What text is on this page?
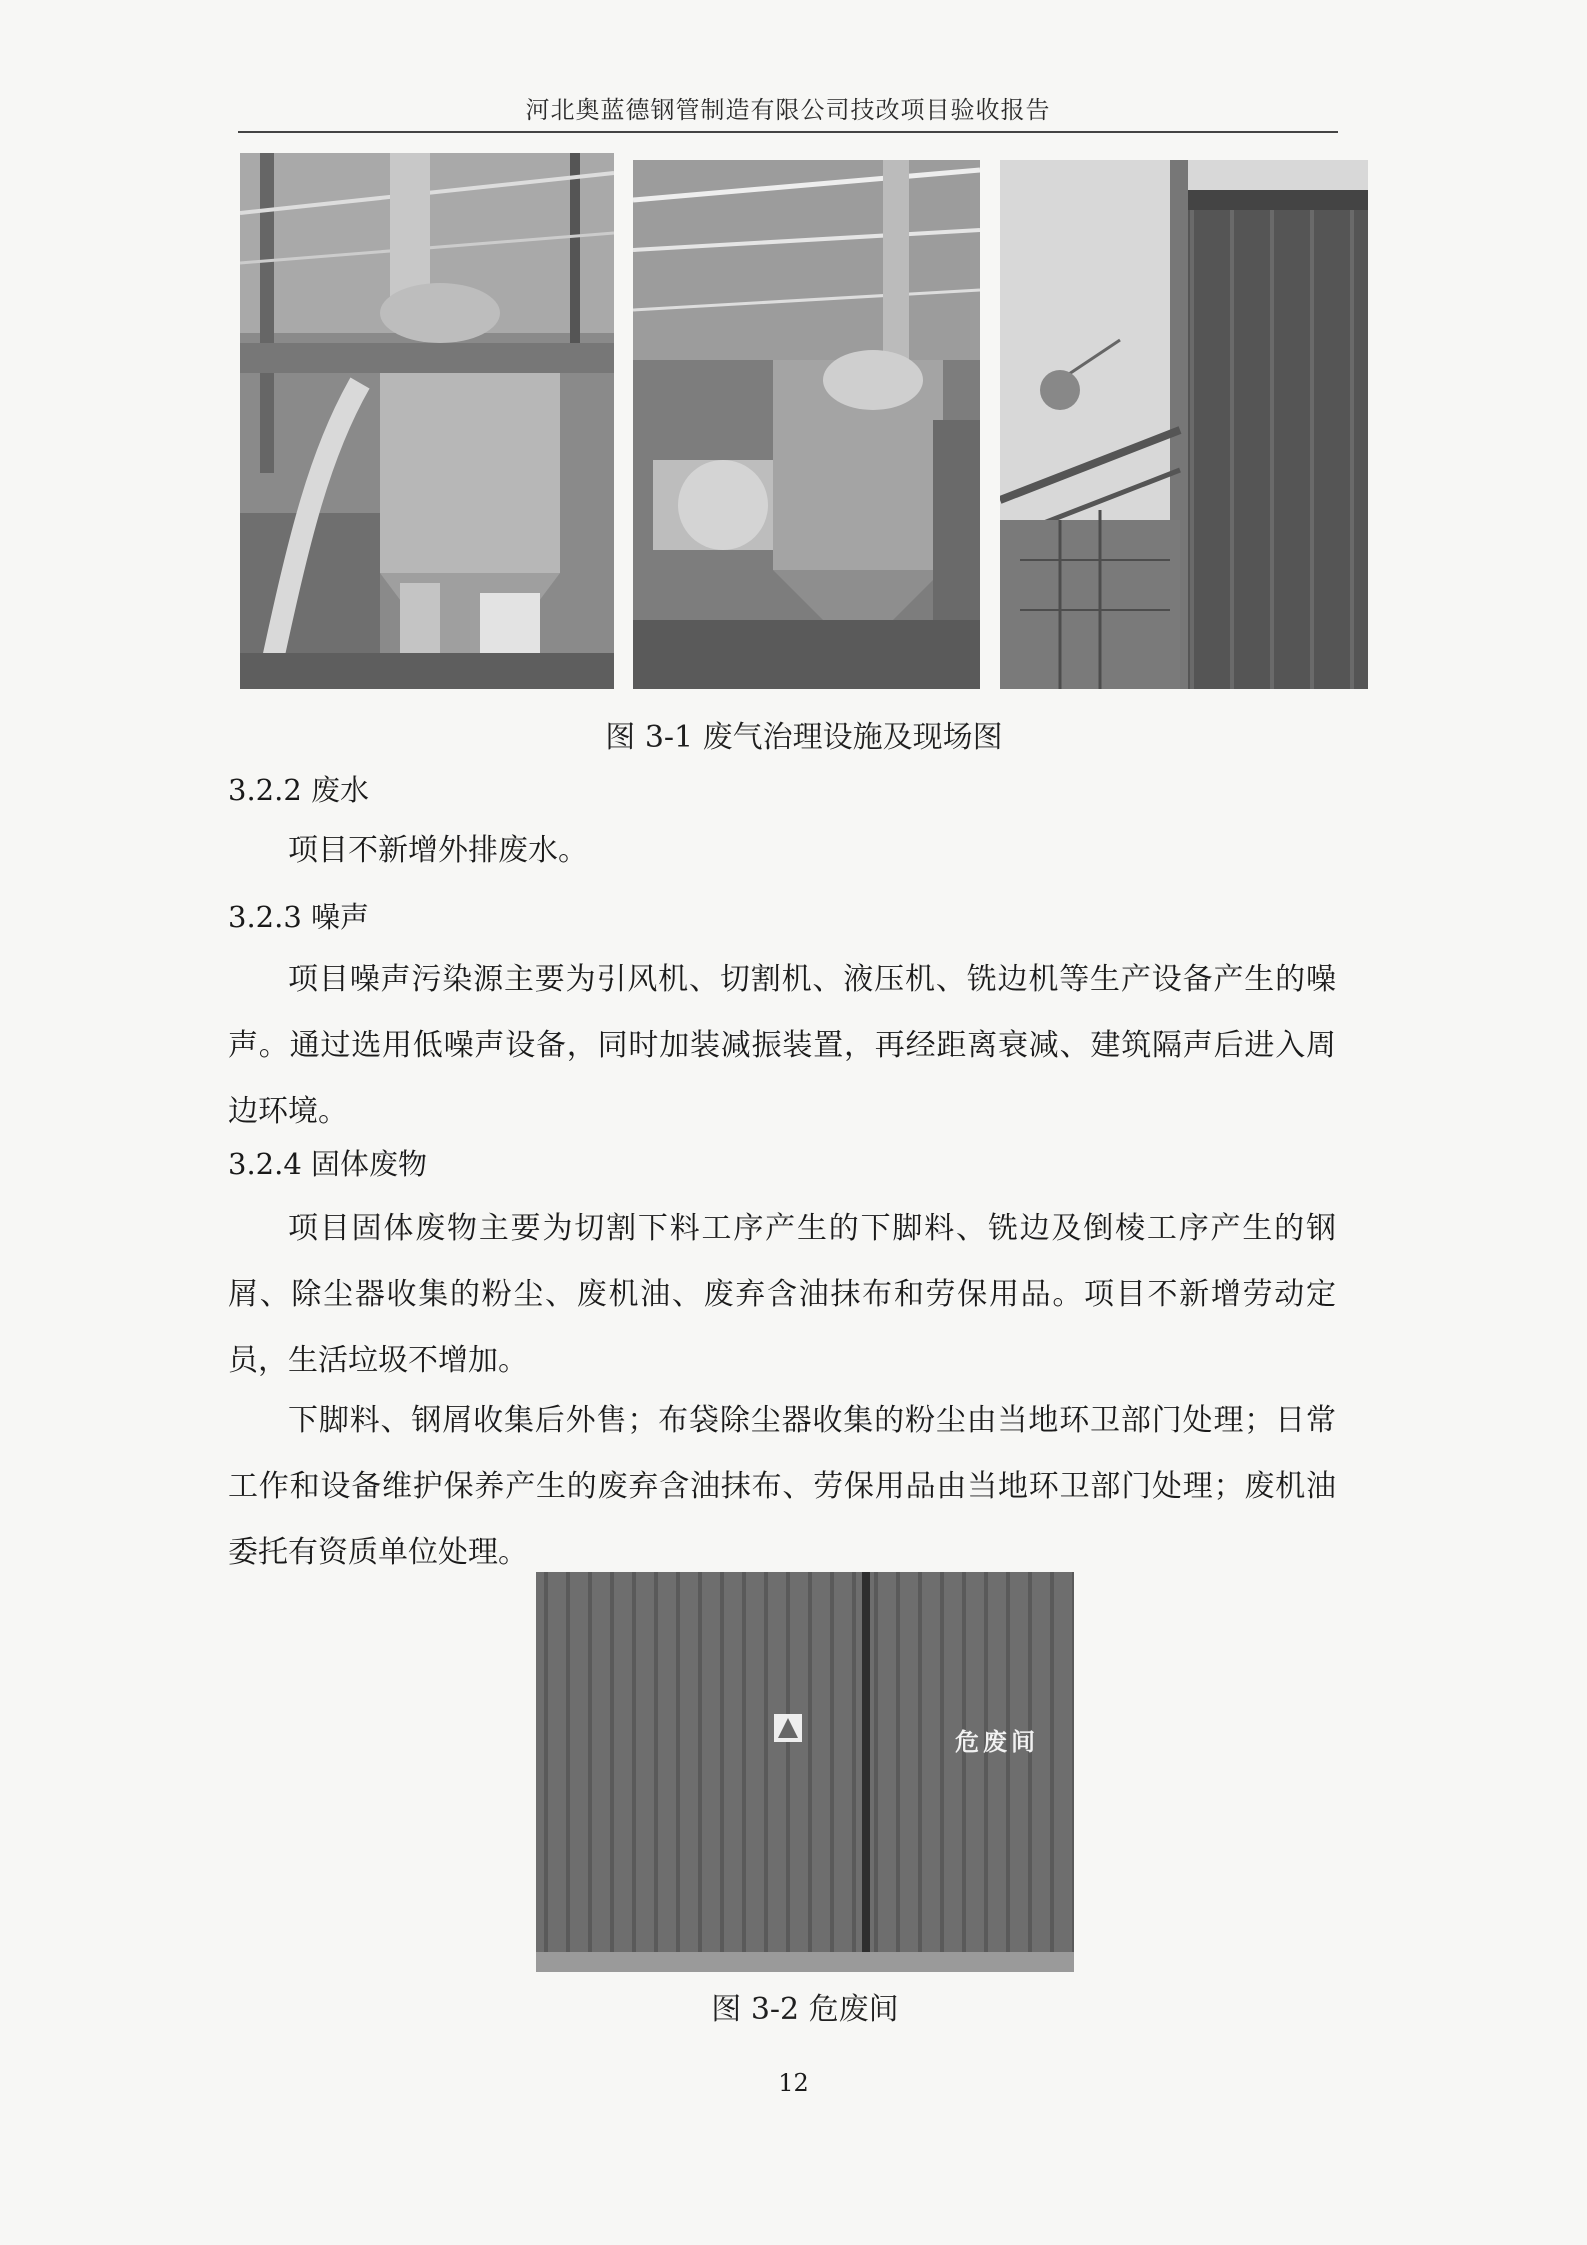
河北奥蓝德钢管制造有限公司技改项目验收报告
图 3-1 废气治理设施及现场图
3.2.2 废水
项目不新增外排废水。
3.2.3 噪声
项目噪声污染源主要为引风机、切割机、液压机、铣边机等生产设备产生的噪声。通过选用低噪声设备，同时加装减振装置，再经距离衰减、建筑隔声后进入周边环境。
3.2.4 固体废物
项目固体废物主要为切割下料工序产生的下脚料、铣边及倒棱工序产生的钢屑、除尘器收集的粉尘、废机油、废弃含油抹布和劳保用品。项目不新增劳动定员，生活垃圾不增加。
下脚料、钢屑收集后外售；布袋除尘器收集的粉尘由当地环卫部门处理；日常工作和设备维护保养产生的废弃含油抹布、劳保用品由当地环卫部门处理；废机油委托有资质单位处理。
危废间
图 3-2 危废间
12
